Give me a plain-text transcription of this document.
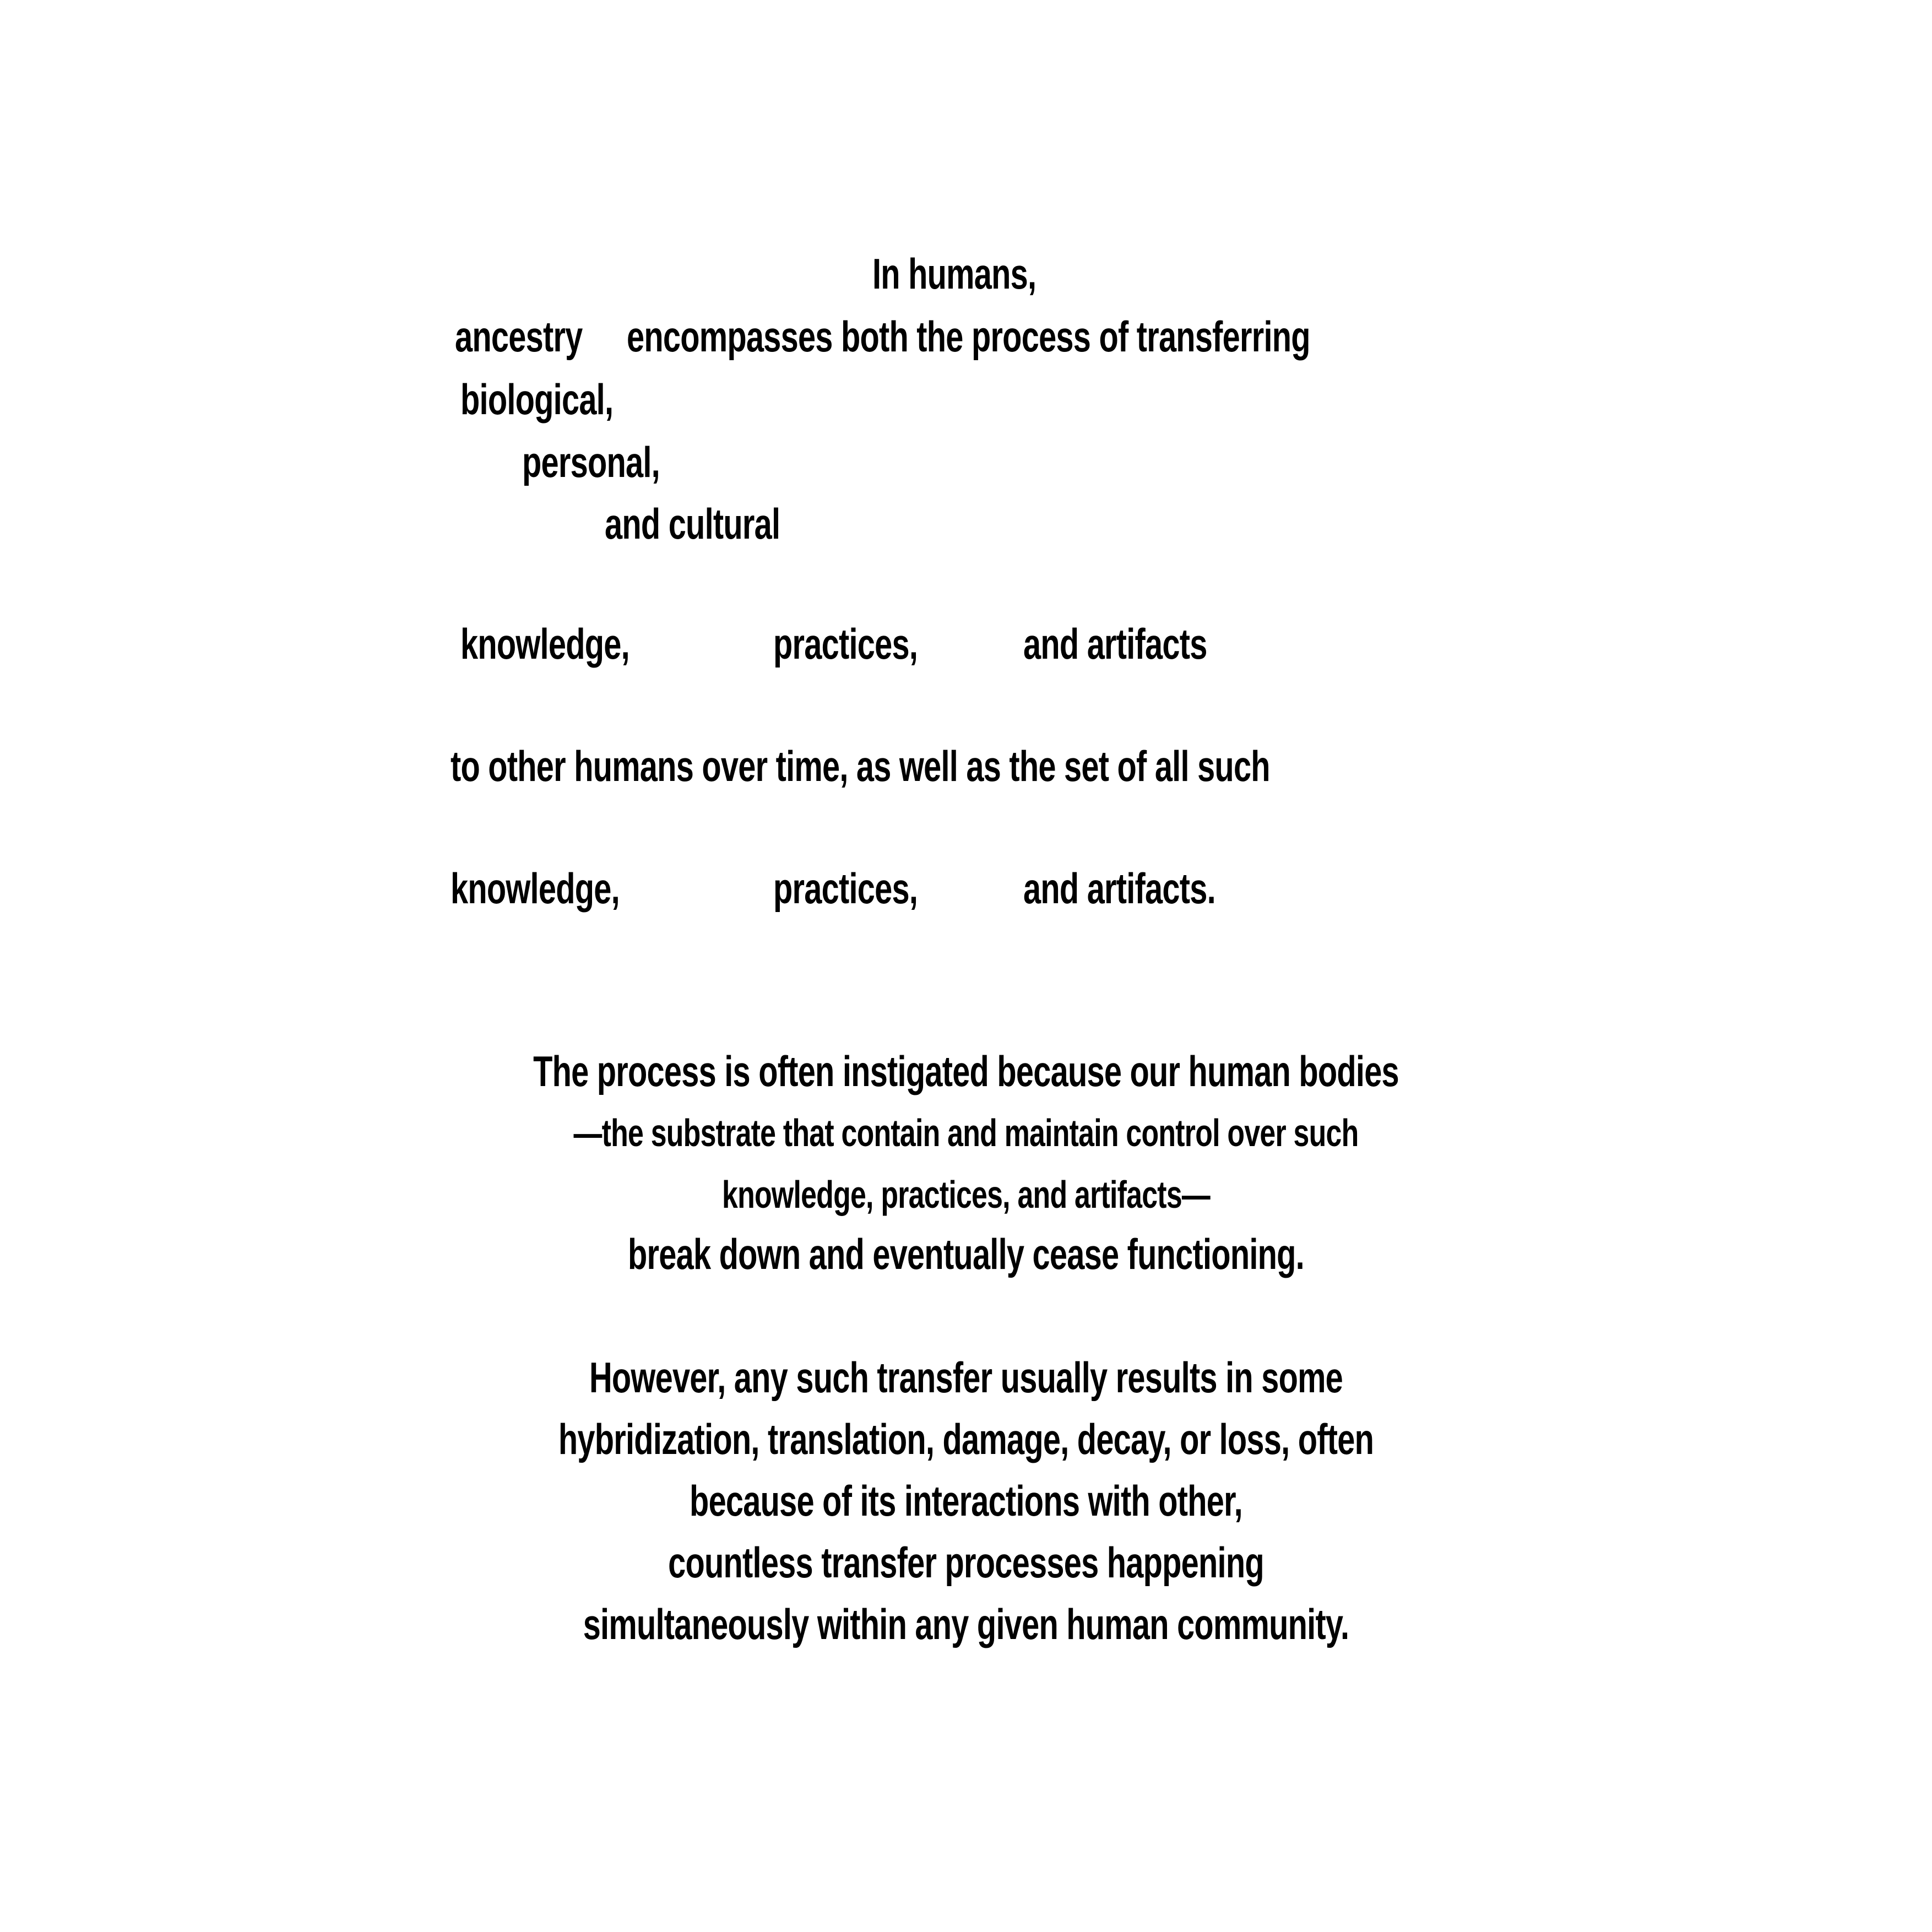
In humans,

ancestry encompasses both the process of transferring

biological,

personal,

and cultural

knowledge,	practices, and artifacts

to other humans over time, as well as the set of all such

knowledge,	practices, and artifacts.

The process is often instigated because our human bodies

—the substrate that contain and maintain control over such

knowledge, practices, and artifacts—

break down and eventually cease functioning.

However, any such transfer usually results in some

hybridization, translation, damage, decay, or loss, often

because of its interactions with other,

countless transfer processes happening

simultaneously within any given human community.
